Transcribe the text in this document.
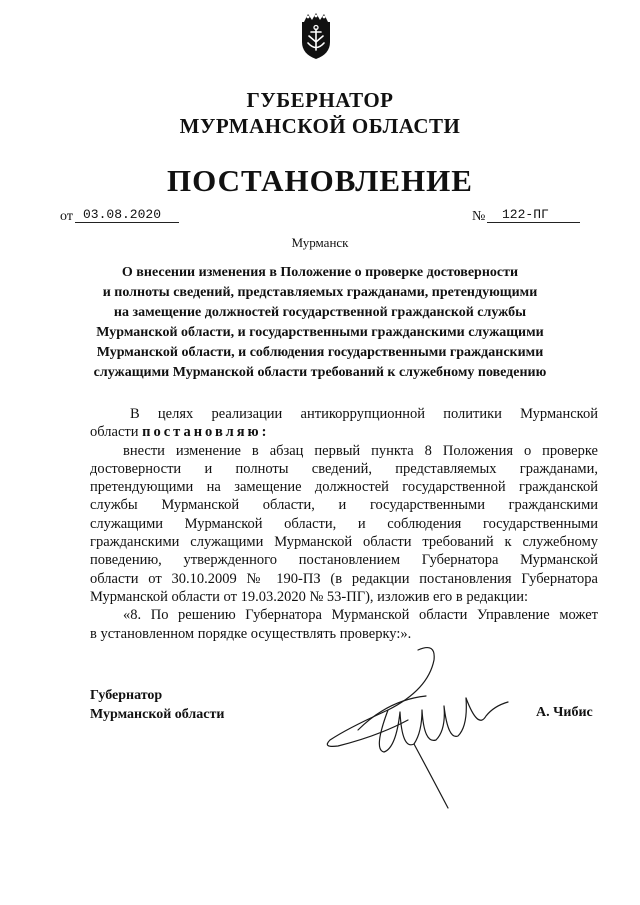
ГУБЕРНАТОР
МУРМАНСКОЙ ОБЛАСТИ
ПОСТАНОВЛЕНИЕ
от 03.08.2020	№ 122-ПГ
Мурманск
О внесении изменения в Положение о проверке достоверности
и полноты сведений, представляемых гражданами, претендующими
на замещение должностей государственной гражданской службы
Мурманской области, и государственными гражданскими служащими
Мурманской области, и соблюдения государственными гражданскими
служащими Мурманской области требований к служебному поведению
В целях реализации антикоррупционной политики Мурманской
области постановляю:
внести изменение в абзац первый пункта 8 Положения о проверке
достоверности и полноты сведений, представляемых гражданами,
претендующими на замещение должностей государственной гражданской
службы Мурманской области, и государственными гражданскими
служащими Мурманской области, и соблюдения государственными
гражданскими служащими Мурманской области требований к служебному
поведению, утвержденного постановлением Губернатора Мурманской
области от 30.10.2009 № 190-ПЗ (в редакции постановления Губернатора
Мурманской области от 19.03.2020 № 53-ПГ), изложив его в редакции:
«8. По решению Губернатора Мурманской области Управление может
в установленном порядке осуществлять проверку:».
Губернатор
Мурманской области	А. Чибис
